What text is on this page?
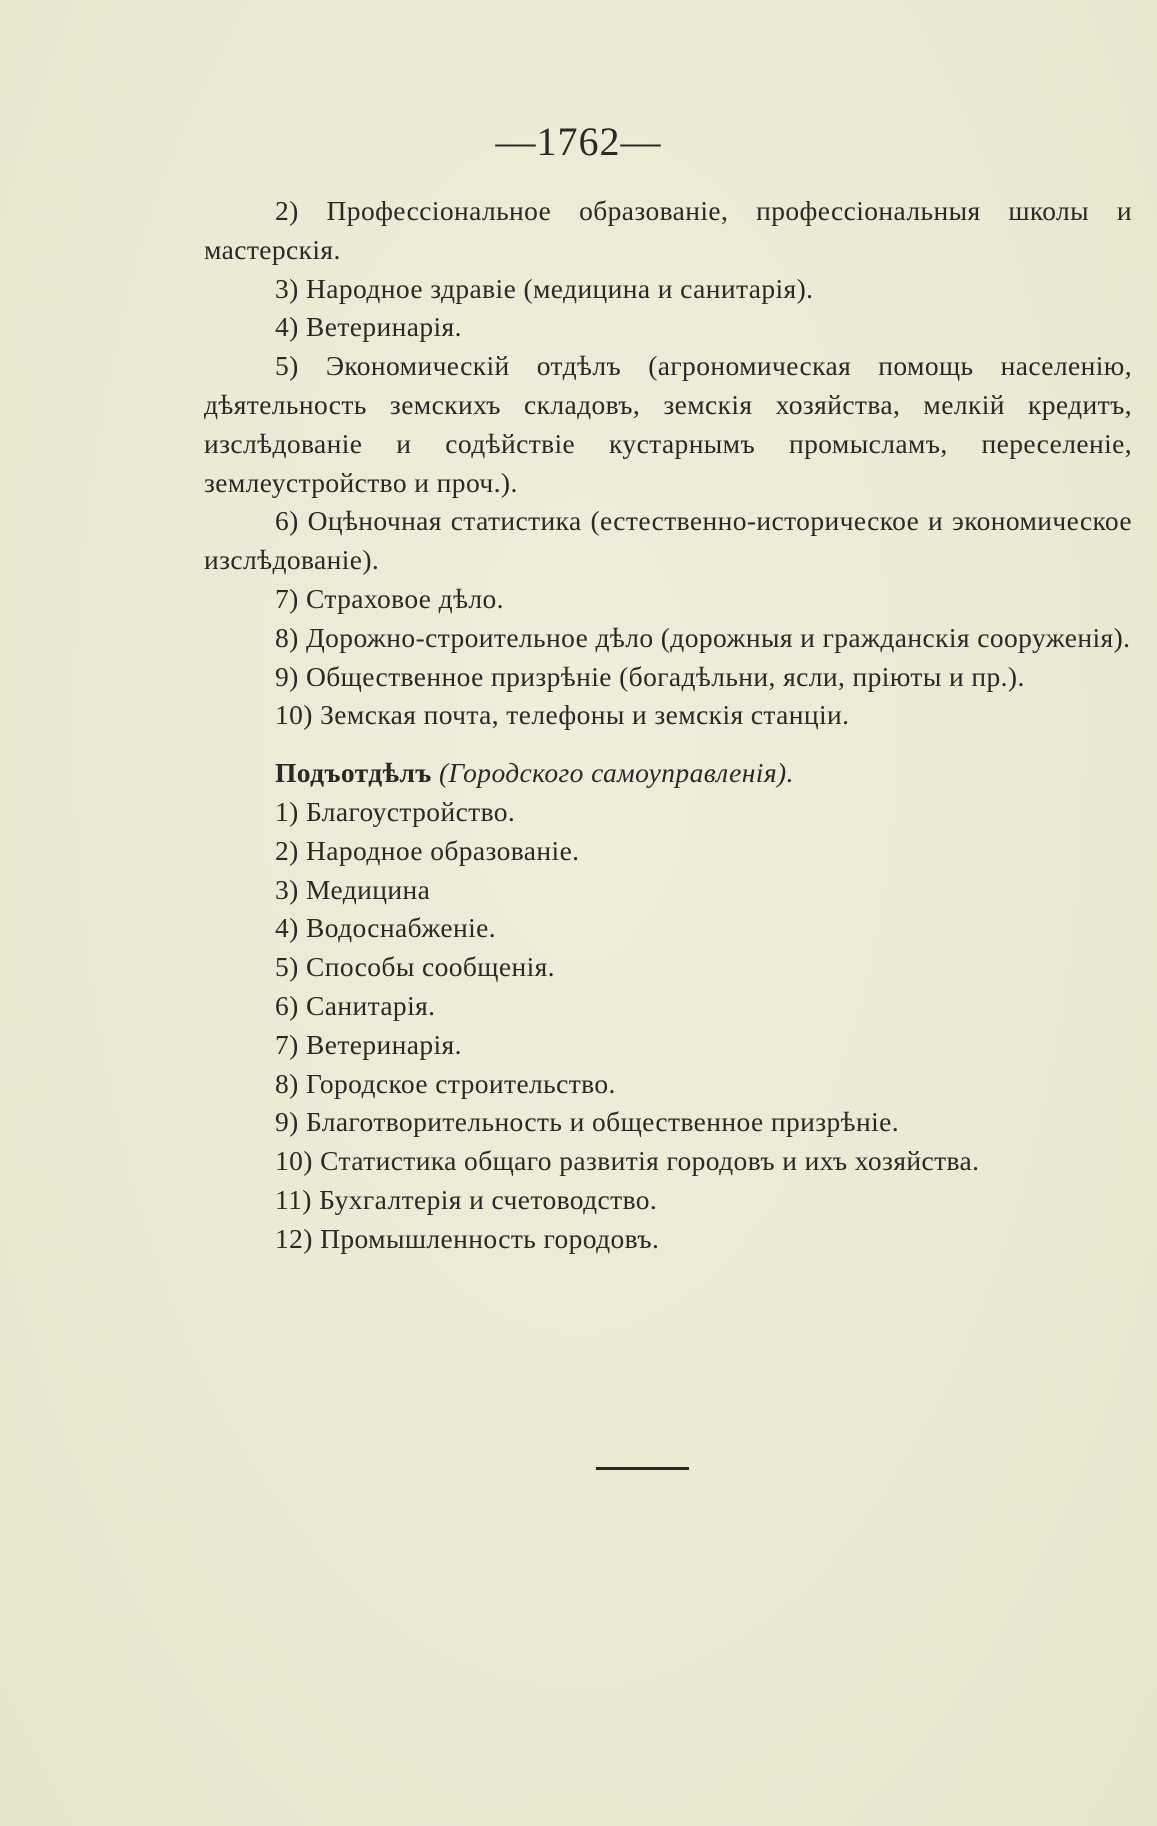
—1762—

2) Профессiональное образованiе, профессiональныя школы и мастерскiя.

3) Народное здравiе (медицина и санитарiя).

4) Ветеринарiя.

5) Экономическiй отдѣлъ (агрономическая помощь населенiю, дѣятельность земскихъ складовъ, земскiя хозяйства, мелкiй кредитъ, изслѣдованiе и содѣйствiе кустарнымъ промысламъ, переселенiе, землеустройство и проч.).

6) Оцѣночная статистика (естественно-историческое и экономическое изслѣдованiе).

7) Страховое дѣло.

8) Дорожно-строительное дѣло (дорожныя и гражданскiя сооруженiя).

9) Общественное призрѣнiе (богадѣльни, ясли, прiюты и пр.).

10) Земская почта, телефоны и земскiя станцiи.

Подъотдѣлъ (Городского самоуправленiя).

1) Благоустройство.

2) Народное образованiе.

3) Медицина

4) Водоснабженiе.

5) Способы сообщенiя.

6) Санитарiя.

7) Ветеринарiя.

8) Городское строительство.

9) Благотворительность и общественное призрѣнiе.

10) Статистика общаго развитiя городовъ и ихъ хозяйства.

11) Бухгалтерiя и счетоводство.

12) Промышленность городовъ.
